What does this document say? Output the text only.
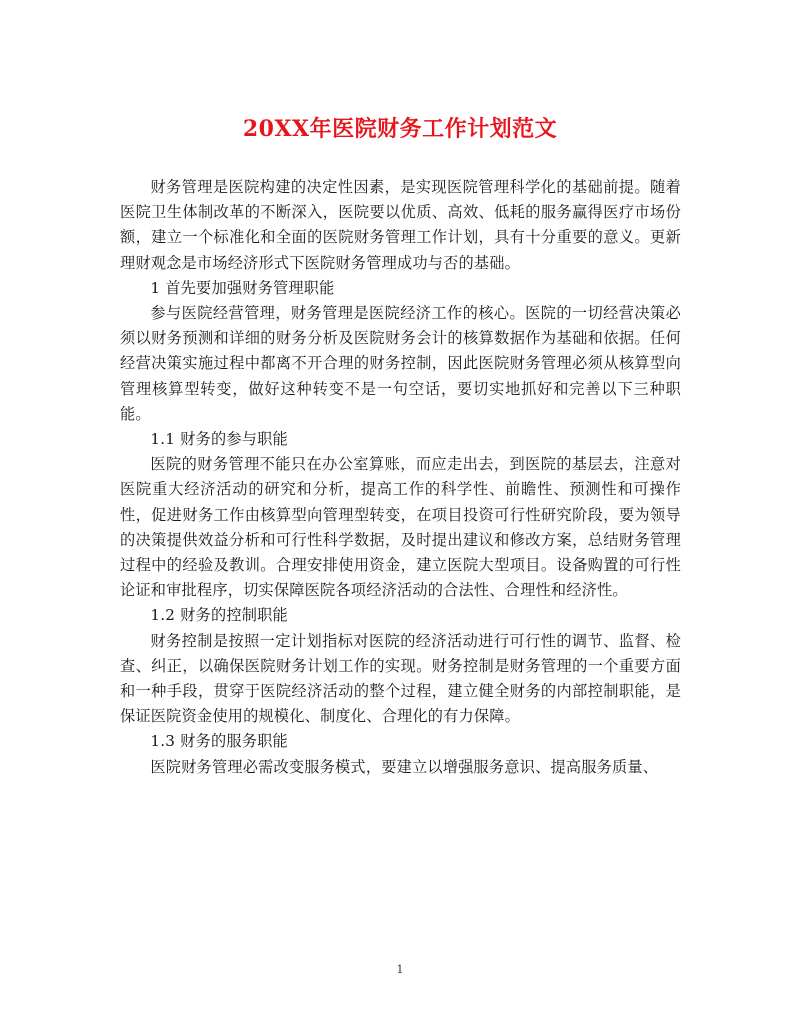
20XX年医院财务工作计划范文

财务管理是医院构建的决定性因素，是实现医院管理科学化的基础前提。随着医院卫生体制改革的不断深入，医院要以优质、高效、低耗的服务赢得医疗市场份额，建立一个标准化和全面的医院财务管理工作计划，具有十分重要的意义。更新理财观念是市场经济形式下医院财务管理成功与否的基础。

1 首先要加强财务管理职能

参与医院经营管理，财务管理是医院经济工作的核心。医院的一切经营决策必须以财务预测和详细的财务分析及医院财务会计的核算数据作为基础和依据。任何经营决策实施过程中都离不开合理的财务控制，因此医院财务管理必须从核算型向管理核算型转变，做好这种转变不是一句空话，要切实地抓好和完善以下三种职能。

1.1 财务的参与职能

医院的财务管理不能只在办公室算账，而应走出去，到医院的基层去，注意对医院重大经济活动的研究和分析，提高工作的科学性、前瞻性、预测性和可操作性，促进财务工作由核算型向管理型转变，在项目投资可行性研究阶段，要为领导的决策提供效益分析和可行性科学数据，及时提出建议和修改方案，总结财务管理过程中的经验及教训。合理安排使用资金，建立医院大型项目。设备购置的可行性论证和审批程序，切实保障医院各项经济活动的合法性、合理性和经济性。

1.2 财务的控制职能

财务控制是按照一定计划指标对医院的经济活动进行可行性的调节、监督、检查、纠正，以确保医院财务计划工作的实现。财务控制是财务管理的一个重要方面和一种手段，贯穿于医院经济活动的整个过程，建立健全财务的内部控制职能，是保证医院资金使用的规模化、制度化、合理化的有力保障。

1.3 财务的服务职能

医院财务管理必需改变服务模式，要建立以增强服务意识、提高服务质量、

1
